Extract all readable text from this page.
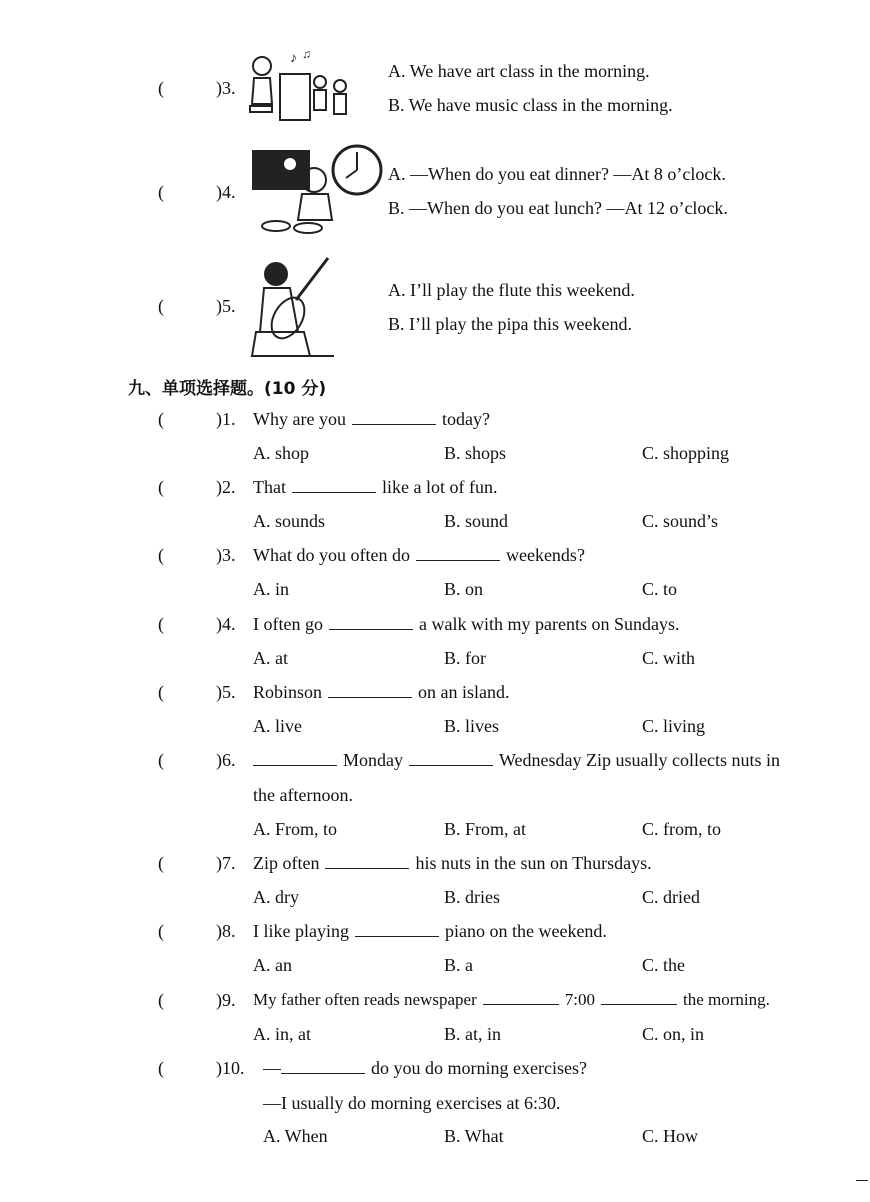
(	)3.
♪ ♫
A. We have art class in the morning.
B. We have music class in the morning.
(	)4.
A. —When do you eat dinner? —At 8 o’clock.
B. —When do you eat lunch? —At 12 o’clock.
(	)5.
A. I’ll play the flute this weekend.
B. I’ll play the pipa this weekend.
九、单项选择题。(10 分)
(	)1. Why are you	today?
A. shop	B. shops	C. shopping
(	)2. That	like a lot of fun.
A. sounds	B. sound	C. sound’s
(	)3. What do you often do	weekends?
A. in	B. on	C. to
(	)4. I often go	a walk with my parents on Sundays.
A. at	B. for	C. with
(	)5. Robinson	on an island.
A. live	B. lives	C. living
(	)6.	Monday	Wednesday Zip usually collects nuts in
the afternoon.
A. From, to	B. From, at	C. from, to
(	)7. Zip often	his nuts in the sun on Thursdays.
A. dry	B. dries	C. dried
(	)8. I like playing	piano on the weekend.
A. an	B. a	C. the
(	)9. My father often reads newspaper	7:00	the morning.
A. in, at	B. at, in	C. on, in
(	)10. —	do you do morning exercises?
—I usually do morning exercises at 6:30.
A. When	B. What	C. How
